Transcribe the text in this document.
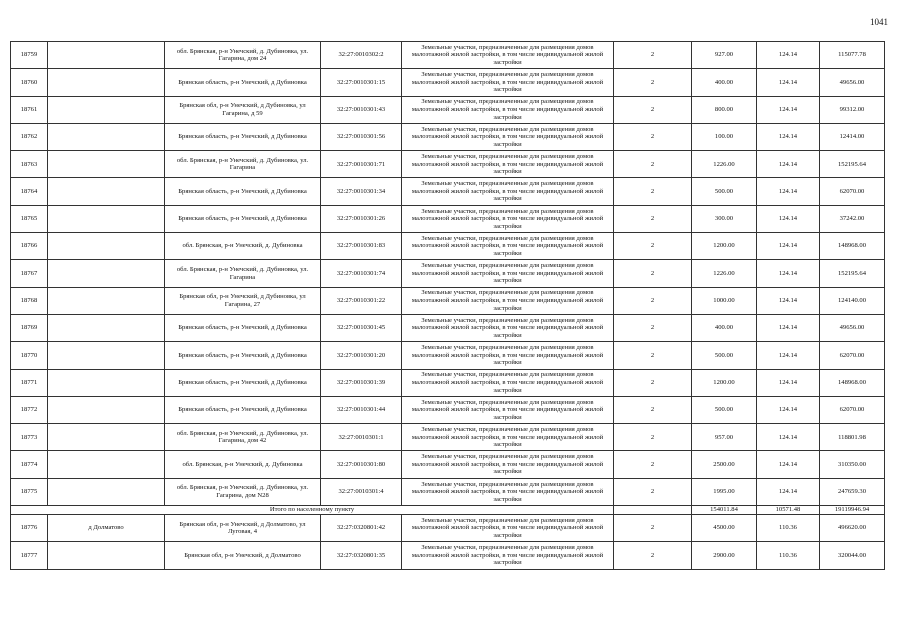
1041
18759		обл. Брянская, р-н Унечский, д. Дубиновка, ул. Гагарина, дом 24	32:27:0010302:2	Земельные участки, предназначенные для размещения домов малоэтажной жилой застройки, в том числе индивидуальной жилой застройки	2	927.00	124.14	115077.78
18760		Брянская область, р-н Унечский, д Дубиновка	32:27:0010301:15	Земельные участки, предназначенные для размещения домов малоэтажной жилой застройки, в том числе индивидуальной жилой застройки	2	400.00	124.14	49656.00
18761		Брянская обл, р-н Унечский, д Дубиновка, ул Гагарина, д 59	32:27:0010301:43	Земельные участки, предназначенные для размещения домов малоэтажной жилой застройки, в том числе индивидуальной жилой застройки	2	800.00	124.14	99312.00
18762		Брянская область, р-н Унечский, д Дубиновка	32:27:0010301:56	Земельные участки, предназначенные для размещения домов малоэтажной жилой застройки, в том числе индивидуальной жилой застройки	2	100.00	124.14	12414.00
18763		обл. Брянская, р-н Унечский, д. Дубиновка, ул. Гагарина	32:27:0010301:71	Земельные участки, предназначенные для размещения домов малоэтажной жилой застройки, в том числе индивидуальной жилой застройки	2	1226.00	124.14	152195.64
18764		Брянская область, р-н Унечский, д Дубиновка	32:27:0010301:34	Земельные участки, предназначенные для размещения домов малоэтажной жилой застройки, в том числе индивидуальной жилой застройки	2	500.00	124.14	62070.00
18765		Брянская область, р-н Унечский, д Дубиновка	32:27:0010301:26	Земельные участки, предназначенные для размещения домов малоэтажной жилой застройки, в том числе индивидуальной жилой застройки	2	300.00	124.14	37242.00
18766		обл. Брянская, р-н Унечский, д. Дубиновка	32:27:0010301:83	Земельные участки, предназначенные для размещения домов малоэтажной жилой застройки, в том числе индивидуальной жилой застройки	2	1200.00	124.14	148968.00
18767		обл. Брянская, р-н Унечский, д. Дубиновка, ул. Гагарина	32:27:0010301:74	Земельные участки, предназначенные для размещения домов малоэтажной жилой застройки, в том числе индивидуальной жилой застройки	2	1226.00	124.14	152195.64
18768		Брянская обл, р-н Унечский, д Дубиновка, ул Гагарина, 27	32:27:0010301:22	Земельные участки, предназначенные для размещения домов малоэтажной жилой застройки, в том числе индивидуальной жилой застройки	2	1000.00	124.14	124140.00
18769		Брянская область, р-н Унечский, д Дубиновка	32:27:0010301:45	Земельные участки, предназначенные для размещения домов малоэтажной жилой застройки, в том числе индивидуальной жилой застройки	2	400.00	124.14	49656.00
18770		Брянская область, р-н Унечский, д Дубиновка	32:27:0010301:20	Земельные участки, предназначенные для размещения домов малоэтажной жилой застройки, в том числе индивидуальной жилой застройки	2	500.00	124.14	62070.00
18771		Брянская область, р-н Унечский, д Дубиновка	32:27:0010301:39	Земельные участки, предназначенные для размещения домов малоэтажной жилой застройки, в том числе индивидуальной жилой застройки	2	1200.00	124.14	148968.00
18772		Брянская область, р-н Унечский, д Дубиновка	32:27:0010301:44	Земельные участки, предназначенные для размещения домов малоэтажной жилой застройки, в том числе индивидуальной жилой застройки	2	500.00	124.14	62070.00
18773		обл. Брянская, р-н Унечский, д. Дубиновка, ул. Гагарина, дом 42	32:27:0010301:1	Земельные участки, предназначенные для размещения домов малоэтажной жилой застройки, в том числе индивидуальной жилой застройки	2	957.00	124.14	118801.98
18774		обл. Брянская, р-н Унечский, д. Дубиновка	32:27:0010301:80	Земельные участки, предназначенные для размещения домов малоэтажной жилой застройки, в том числе индивидуальной жилой застройки	2	2500.00	124.14	310350.00
18775		обл. Брянская, р-н Унечский, д. Дубиновка, ул. Гагарина, дом N28	32:27:0010301:4	Земельные участки, предназначенные для размещения домов малоэтажной жилой застройки, в том числе индивидуальной жилой застройки	2	1995.00	124.14	247659.30
Итого по населенному пункту						154011.84	10571.48	19119946.94
18776	д Долматово	Брянская обл, р-н Унечский, д Долматово, ул Луговая, 4	32:27:0320801:42	Земельные участки, предназначенные для размещения домов малоэтажной жилой застройки, в том числе индивидуальной жилой застройки	2	4500.00	110.36	496620.00
18777		Брянская обл, р-н Унечский, д Долматово	32:27:0320801:35	Земельные участки, предназначенные для размещения домов малоэтажной жилой застройки, в том числе индивидуальной жилой застройки	2	2900.00	110.36	320044.00
